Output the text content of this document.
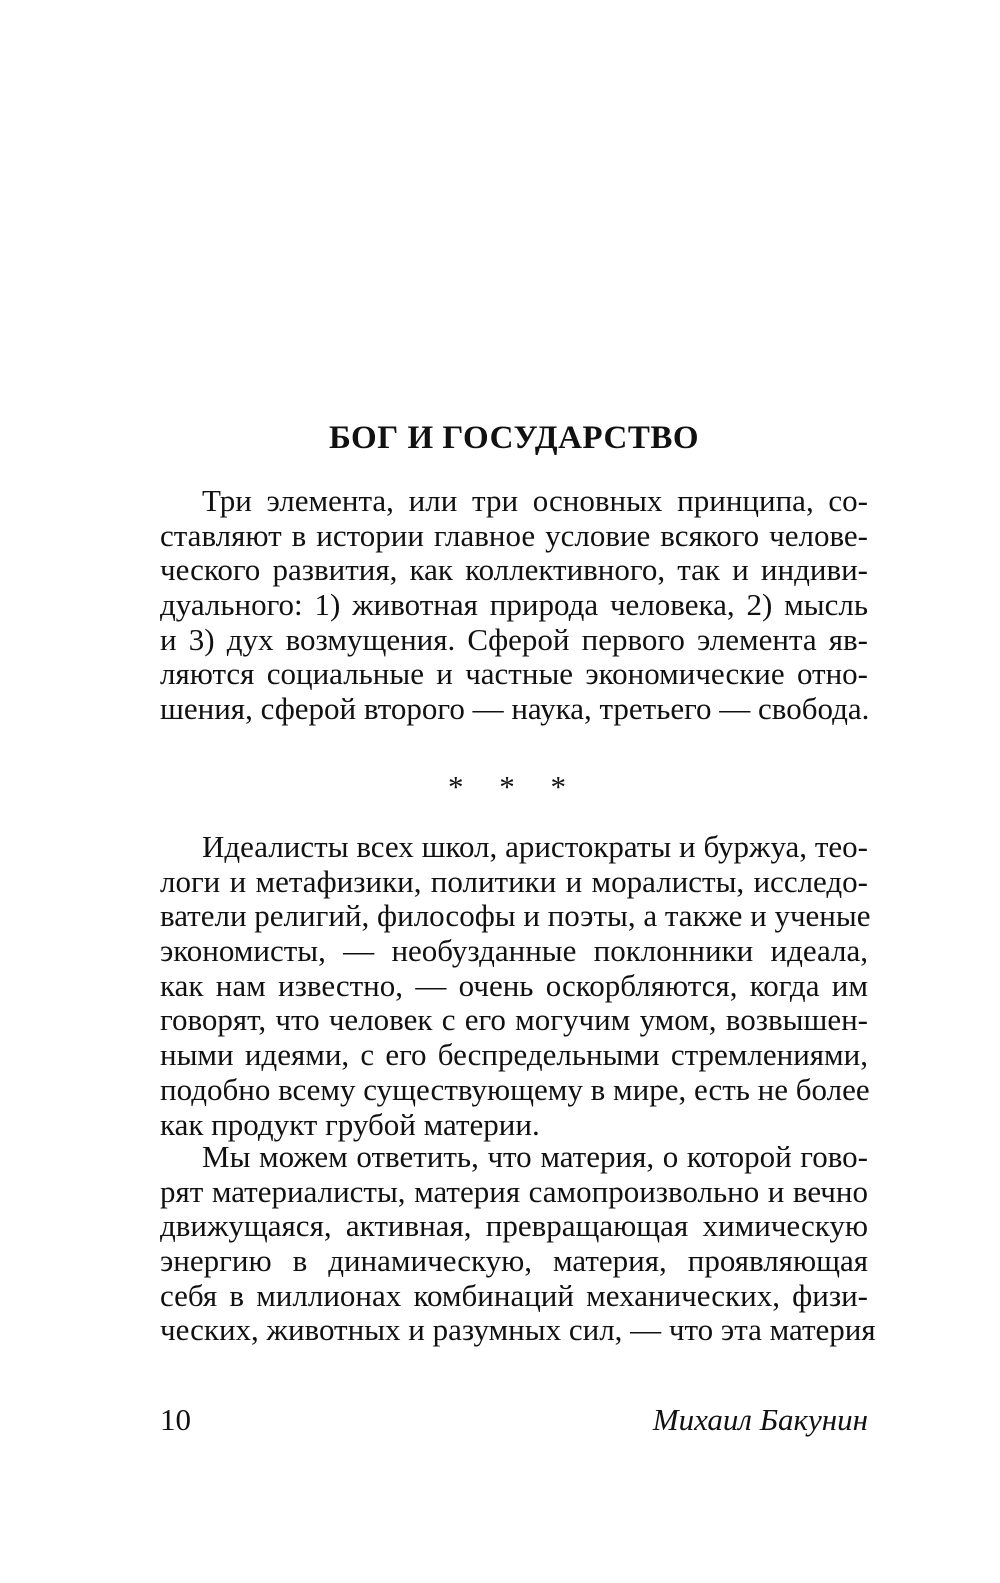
БОГ И ГОСУДАРСТВО
Три элемента, или три основных принципа, со-
ставляют в истории главное условие всякого челове-
ческого развития, как коллективного, так и индиви-
дуального: 1) животная природа человека, 2) мысль
и 3) дух возмущения. Сферой первого элемента яв-
ляются социальные и частные экономические отно-
шения, сферой второго — наука, третьего — свобода.
* * *
Идеалисты всех школ, аристократы и буржуа, тео-
логи и метафизики, политики и моралисты, исследо-
ватели религий, философы и поэты, а также и ученые
экономисты, — необузданные поклонники идеала,
как нам известно, — очень оскорбляются, когда им
говорят, что человек с его могучим умом, возвышен-
ными идеями, с его беспредельными стремлениями,
подобно всему существующему в мире, есть не более
как продукт грубой материи.
Мы можем ответить, что материя, о которой гово-
рят материалисты, материя самопроизвольно и вечно
движущаяся, активная, превращающая химическую
энергию в динамическую, материя, проявляющая
себя в миллионах комбинаций механических, физи-
ческих, животных и разумных сил, — что эта материя
10	Михаил Бакунин
